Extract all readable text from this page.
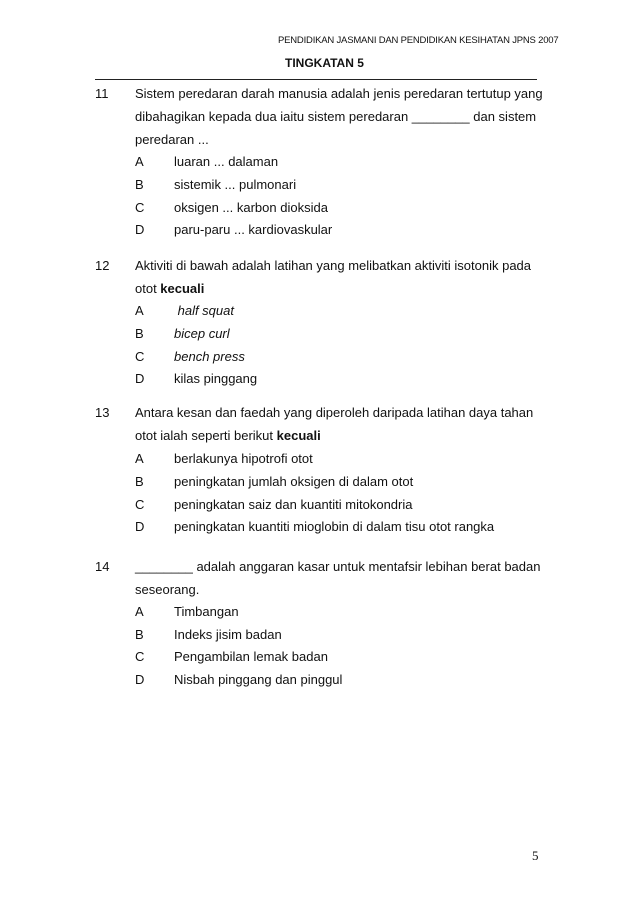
PENDIDIKAN JASMANI DAN PENDIDIKAN KESIHATAN JPNS 2007
TINGKATAN 5
11 Sistem peredaran darah manusia adalah jenis peredaran tertutup yang
dibahagikan kepada dua iaitu sistem peredaran ________ dan sistem
peredaran ...
A luaran ... dalaman
B sistemik ... pulmonari
C oksigen ... karbon dioksida
D paru-paru ... kardiovaskular
12 Aktiviti di bawah adalah latihan yang melibatkan aktiviti isotonik pada
otot kecuali
A half squat
B bicep curl
C bench press
D kilas pinggang
13 Antara kesan dan faedah yang diperoleh daripada latihan daya tahan
otot ialah seperti berikut kecuali
A berlakunya hipotrofi otot
B peningkatan jumlah oksigen di dalam otot
C peningkatan saiz dan kuantiti mitokondria
D peningkatan kuantiti mioglobin di dalam tisu otot rangka
14 ________ adalah anggaran kasar untuk mentafsir lebihan berat badan
seseorang.
A Timbangan
B Indeks jisim badan
C Pengambilan lemak badan
D Nisbah pinggang dan pinggul
5
